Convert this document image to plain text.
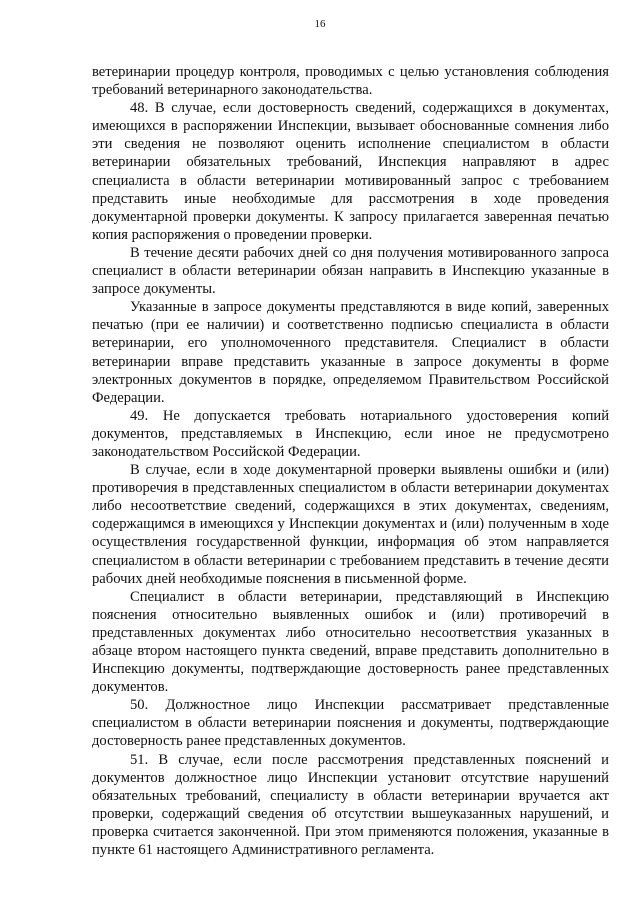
16

ветеринарии процедур контроля, проводимых с целью установления соблюдения требований ветеринарного законодательства.

48. В случае, если достоверность сведений, содержащихся в документах, имеющихся в распоряжении Инспекции, вызывает обоснованные сомнения либо эти сведения не позволяют оценить исполнение специалистом в области ветеринарии обязательных требований, Инспекция направляют в адрес специалиста в области ветеринарии мотивированный запрос с требованием представить иные необходимые для рассмотрения в ходе проведения документарной проверки документы. К запросу прилагается заверенная печатью копия распоряжения о проведении проверки.

В течение десяти рабочих дней со дня получения мотивированного запроса специалист в области ветеринарии обязан направить в Инспекцию указанные в запросе документы.

Указанные в запросе документы представляются в виде копий, заверенных печатью (при ее наличии) и соответственно подписью специалиста в области ветеринарии, его уполномоченного представителя. Специалист в области ветеринарии вправе представить указанные в запросе документы в форме электронных документов в порядке, определяемом Правительством Российской Федерации.

49. Не допускается требовать нотариального удостоверения копий документов, представляемых в Инспекцию, если иное не предусмотрено законодательством Российской Федерации.

В случае, если в ходе документарной проверки выявлены ошибки и (или) противоречия в представленных специалистом в области ветеринарии документах либо несоответствие сведений, содержащихся в этих документах, сведениям, содержащимся в имеющихся у Инспекции документах и (или) полученным в ходе осуществления государственной функции, информация об этом направляется специалистом в области ветеринарии с требованием представить в течение десяти рабочих дней необходимые пояснения в письменной форме.

Специалист в области ветеринарии, представляющий в Инспекцию пояснения относительно выявленных ошибок и (или) противоречий в представленных документах либо относительно несоответствия указанных в абзаце втором настоящего пункта сведений, вправе представить дополнительно в Инспекцию документы, подтверждающие достоверность ранее представленных документов.

50. Должностное лицо Инспекции рассматривает представленные специалистом в области ветеринарии пояснения и документы, подтверждающие достоверность ранее представленных документов.

51. В случае, если после рассмотрения представленных пояснений и документов должностное лицо Инспекции установит отсутствие нарушений обязательных требований, специалисту в области ветеринарии вручается акт проверки, содержащий сведения об отсутствии вышеуказанных нарушений, и проверка считается законченной. При этом применяются положения, указанные в пункте 61 настоящего Административного регламента.
